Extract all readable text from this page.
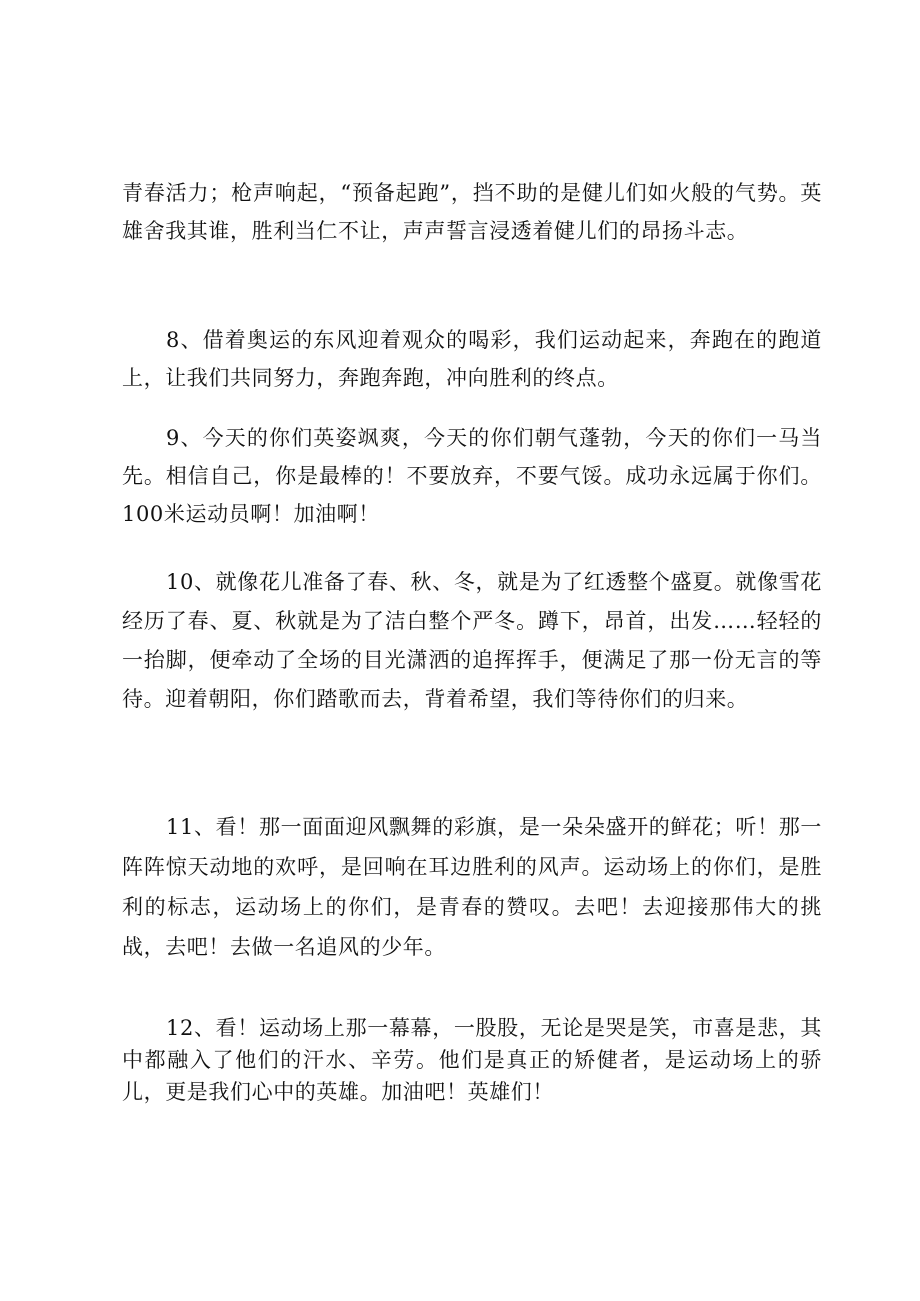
青春活力；枪声响起，“预备起跑”，挡不助的是健儿们如火般的气势。英雄舍我其谁，胜利当仁不让，声声誓言浸透着健儿们的昂扬斗志。

8、借着奥运的东风迎着观众的喝彩，我们运动起来，奔跑在的跑道上，让我们共同努力，奔跑奔跑，冲向胜利的终点。

9、今天的你们英姿飒爽，今天的你们朝气蓬勃，今天的你们一马当先。相信自己，你是最棒的！不要放弃，不要气馁。成功永远属于你们。100米运动员啊！加油啊！

10、就像花儿准备了春、秋、冬，就是为了红透整个盛夏。就像雪花经历了春、夏、秋就是为了洁白整个严冬。蹲下，昂首，出发……轻轻的一抬脚，便牵动了全场的目光潇洒的追挥挥手，便满足了那一份无言的等待。迎着朝阳，你们踏歌而去，背着希望，我们等待你们的归来。

11、看！那一面面迎风飘舞的彩旗，是一朵朵盛开的鲜花；听！那一阵阵惊天动地的欢呼，是回响在耳边胜利的风声。运动场上的你们，是胜利的标志，运动场上的你们，是青春的赞叹。去吧！去迎接那伟大的挑战，去吧！去做一名追风的少年。

12、看！运动场上那一幕幕，一股股，无论是哭是笑，市喜是悲，其中都融入了他们的汗水、辛劳。他们是真正的矫健者，是运动场上的骄儿，更是我们心中的英雄。加油吧！英雄们！
